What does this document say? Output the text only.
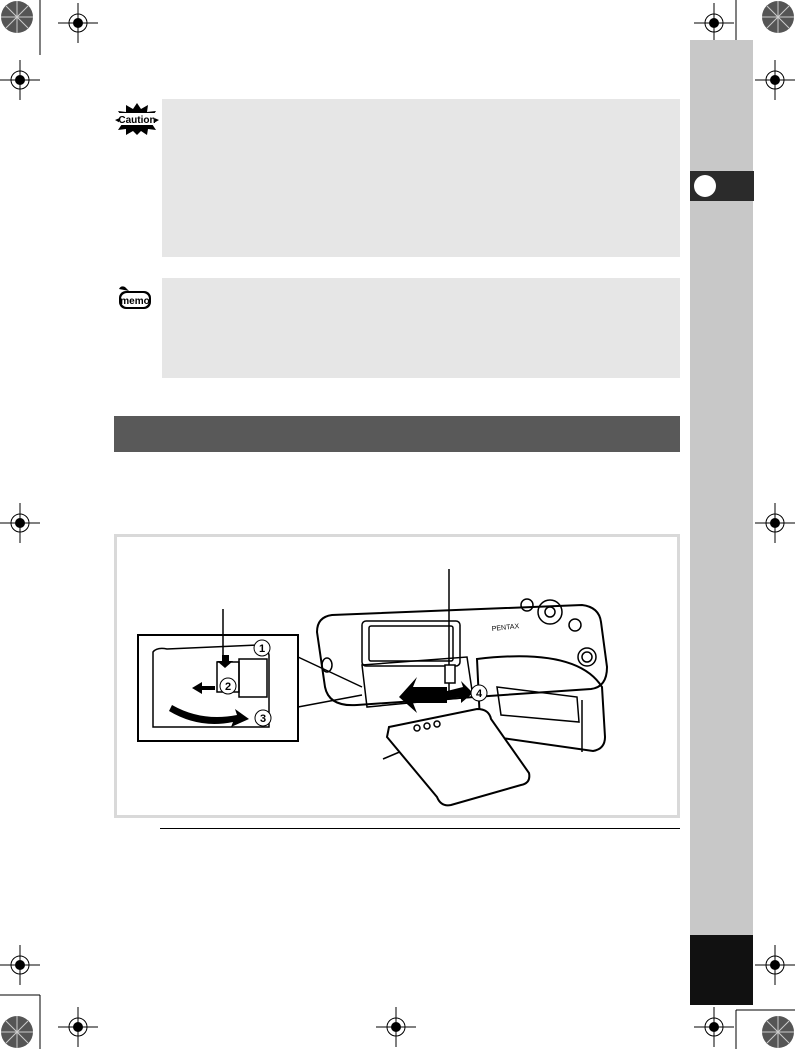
Caution
memo
PENTAX
1
2
3
4
